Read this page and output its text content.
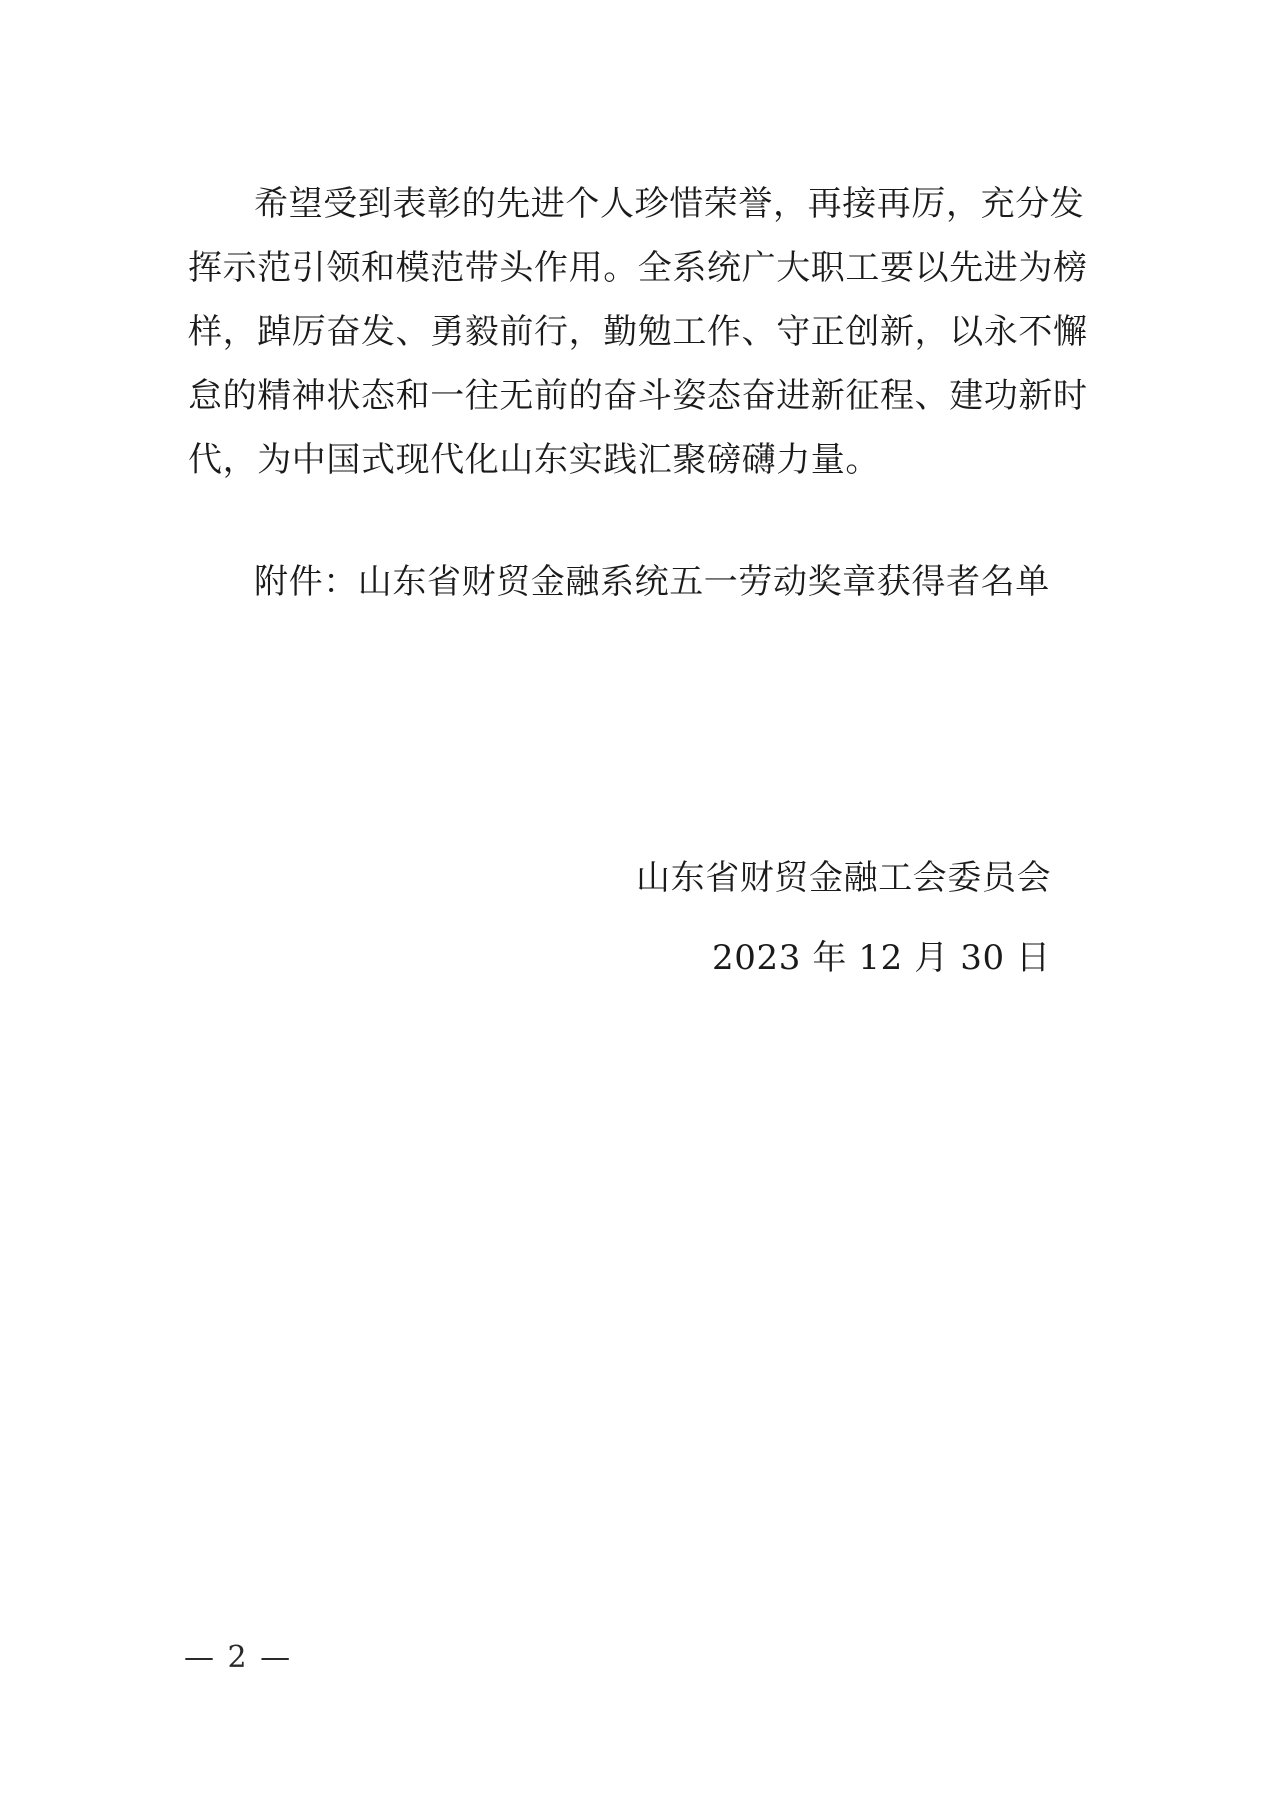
希望受到表彰的先进个人珍惜荣誉，再接再厉，充分发

挥示范引领和模范带头作用。全系统广大职工要以先进为榜

样，踔厉奋发、勇毅前行，勤勉工作、守正创新，以永不懈

怠的精神状态和一往无前的奋斗姿态奋进新征程、建功新时

代，为中国式现代化山东实践汇聚磅礴力量。

附件：山东省财贸金融系统五一劳动奖章获得者名单

山东省财贸金融工会委员会

2023 年 12 月 30 日

— 2 —
